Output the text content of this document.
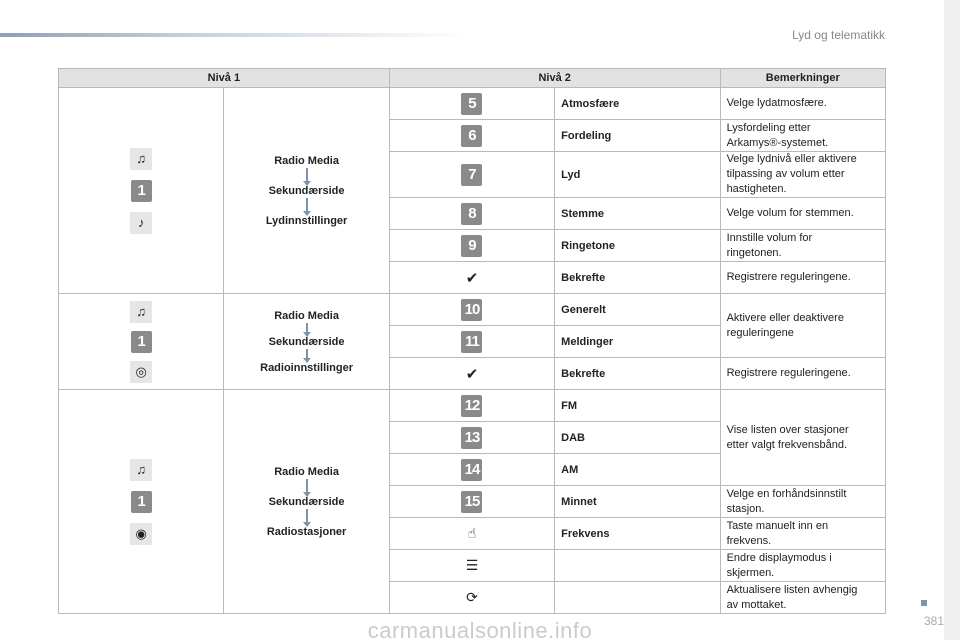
Lyd og telematikk
Nivå 1		Nivå 2		Bemerkninger

♫
1
♪	Radio Media
Sekundærside
Lydinnstillinger	5	Atmosfære	Velge lydatmosfære.
		6	Fordeling	Lysfordeling etter Arkamys®-systemet.
		7	Lyd	Velge lydnivå eller aktivere tilpassing av volum etter hastigheten.
		8	Stemme	Velge volum for stemmen.
		9	Ringetone	Innstille volum for ringetonen.
		✔	Bekrefte	Registrere reguleringene.

♫
1
◎	Radio Media
Sekundærside
Radioinnstillinger	10	Generelt	Aktivere eller deaktivere reguleringene
		11	Meldinger	
		✔	Bekrefte	Registrere reguleringene.

♫
1
◉	Radio Media
Sekundærside
Radiostasjoner	12	FM	Vise listen over stasjoner etter valgt frekvensbånd.
		13	DAB	
		14	AM	
		15	Minnet	Velge en forhåndsinnstilt stasjon.
		☝	Frekvens	Taste manuelt inn en frekvens.
		☰		Endre displaymodus i skjermen.
		⟳		Aktualisere listen avhengig av mottaket.
381
carmanualsonline.info
